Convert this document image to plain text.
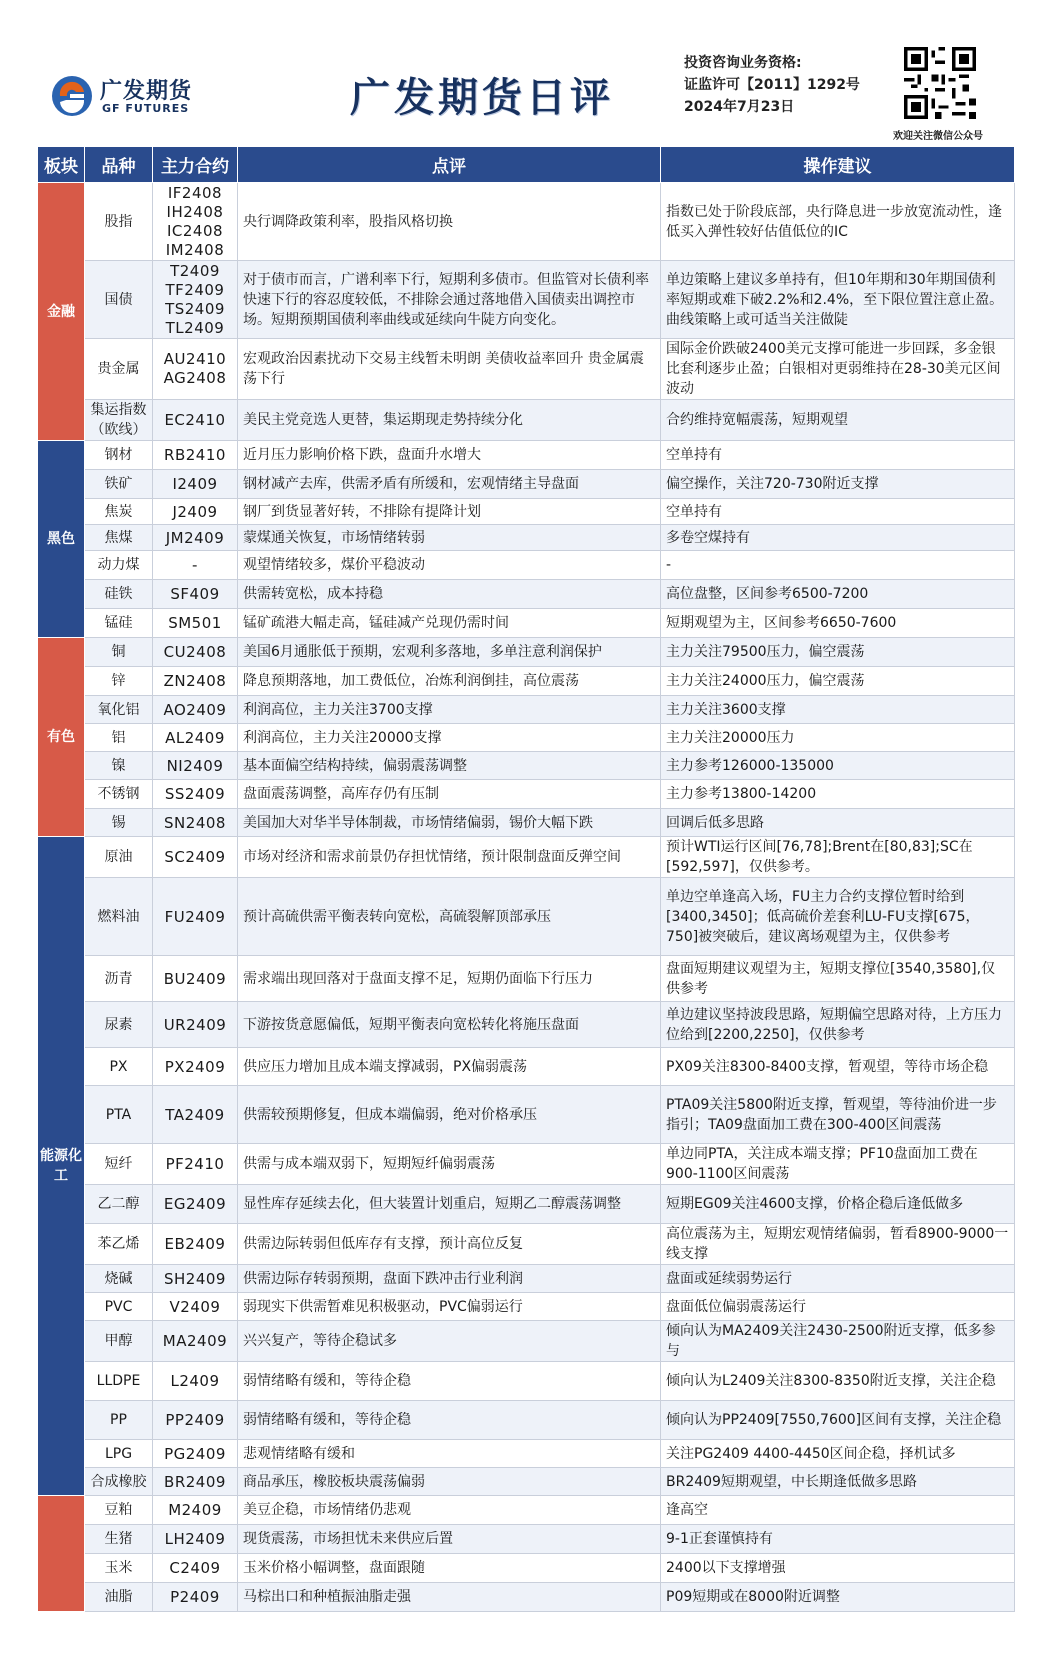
广发期货
GF FUTURES	广发期货日评
投资咨询业务资格:
证监许可【2011】1292号
2024年7月23日
欢迎关注微信公众号
板块	品种	主力合约	点评	操作建议
金融	股指	IF2408
IH2408
IC2408
IM2408	央行调降政策利率，股指风格切换	指数已处于阶段底部，央行降息进一步放宽流动性，逢低买入弹性较好估值低位的IC
	国债	T2409
TF2409
TS2409
TL2409	对于债市而言，广谱利率下行，短期利多债市。但监管对长债利率快速下行的容忍度较低，不排除会通过落地借入国债卖出调控市场。短期预期国债利率曲线或延续向牛陡方向变化。	单边策略上建议多单持有，但10年期和30年期国债利率短期或难下破2.2%和2.4%，至下限位置注意止盈。曲线策略上或可适当关注做陡
	贵金属	AU2410
AG2408	宏观政治因素扰动下交易主线暂未明朗 美债收益率回升 贵金属震荡下行	国际金价跌破2400美元支撑可能进一步回踩，多金银比套利逐步止盈；白银相对更弱维持在28-30美元区间波动
	集运指数
（欧线）	EC2410	美民主党竞选人更替，集运期现走势持续分化	合约维持宽幅震荡，短期观望
黑色	钢材	RB2410	近月压力影响价格下跌，盘面升水增大	空单持有
	铁矿	I2409	钢材减产去库，供需矛盾有所缓和，宏观情绪主导盘面	偏空操作，关注720-730附近支撑
	焦炭	J2409	钢厂到货显著好转，不排除有提降计划	空单持有
	焦煤	JM2409	蒙煤通关恢复，市场情绪转弱	多卷空煤持有
	动力煤	-	观望情绪较多，煤价平稳波动	-
	硅铁	SF409	供需转宽松，成本持稳	高位盘整，区间参考6500-7200
	锰硅	SM501	锰矿疏港大幅走高，锰硅减产兑现仍需时间	短期观望为主，区间参考6650-7600
有色	铜	CU2408	美国6月通胀低于预期，宏观利多落地，多单注意利润保护	主力关注79500压力，偏空震荡
	锌	ZN2408	降息预期落地，加工费低位，冶炼利润倒挂，高位震荡	主力关注24000压力，偏空震荡
	氧化铝	AO2409	利润高位，主力关注3700支撑	主力关注3600支撑
	铝	AL2409	利润高位，主力关注20000支撑	主力关注20000压力
	镍	NI2409	基本面偏空结构持续，偏弱震荡调整	主力参考126000-135000
	不锈钢	SS2409	盘面震荡调整，高库存仍有压制	主力参考13800-14200
	锡	SN2408	美国加大对华半导体制裁，市场情绪偏弱，锡价大幅下跌	回调后低多思路
能源化工	原油	SC2409	市场对经济和需求前景仍存担忧情绪，预计限制盘面反弹空间	预计WTI运行区间[76,78];Brent在[80,83];SC在[592,597]，仅供参考。
	燃料油	FU2409	预计高硫供需平衡表转向宽松，高硫裂解顶部承压	单边空单逢高入场，FU主力合约支撑位暂时给到[3400,3450]；低高硫价差套利LU-FU支撑[675，750]被突破后，建议离场观望为主，仅供参考
	沥青	BU2409	需求端出现回落对于盘面支撑不足，短期仍面临下行压力	盘面短期建议观望为主，短期支撑位[3540,3580],仅供参考
	尿素	UR2409	下游按货意愿偏低，短期平衡表向宽松转化将施压盘面	单边建议坚持波段思路，短期偏空思路对待，上方压力位给到[2200,2250]，仅供参考
	PX	PX2409	供应压力增加且成本端支撑减弱，PX偏弱震荡	PX09关注8300-8400支撑，暂观望，等待市场企稳
	PTA	TA2409	供需较预期修复，但成本端偏弱，绝对价格承压	PTA09关注5800附近支撑，暂观望，等待油价进一步指引；TA09盘面加工费在300-400区间震荡
	短纤	PF2410	供需与成本端双弱下，短期短纤偏弱震荡	单边同PTA，关注成本端支撑；PF10盘面加工费在900-1100区间震荡
	乙二醇	EG2409	显性库存延续去化，但大装置计划重启，短期乙二醇震荡调整	短期EG09关注4600支撑，价格企稳后逢低做多
	苯乙烯	EB2409	供需边际转弱但低库存有支撑，预计高位反复	高位震荡为主，短期宏观情绪偏弱，暂看8900-9000一线支撑
	烧碱	SH2409	供需边际存转弱预期，盘面下跌冲击行业利润	盘面或延续弱势运行
	PVC	V2409	弱现实下供需暂难见积极驱动，PVC偏弱运行	盘面低位偏弱震荡运行
	甲醇	MA2409	兴兴复产，等待企稳试多	倾向认为MA2409关注2430-2500附近支撑，低多参与
	LLDPE	L2409	弱情绪略有缓和，等待企稳	倾向认为L2409关注8300-8350附近支撑，关注企稳
	PP	PP2409	弱情绪略有缓和，等待企稳	倾向认为PP2409[7550,7600]区间有支撑，关注企稳
	LPG	PG2409	悲观情绪略有缓和	关注PG2409 4400-4450区间企稳，择机试多
	合成橡胶	BR2409	商品承压，橡胶板块震荡偏弱	BR2409短期观望，中长期逢低做多思路
	豆粕	M2409	美豆企稳，市场情绪仍悲观	逢高空
	生猪	LH2409	现货震荡，市场担忧未来供应后置	9-1正套谨慎持有
	玉米	C2409	玉米价格小幅调整，盘面跟随	2400以下支撑增强
	油脂	P2409	马棕出口和种植振油脂走强	P09短期或在8000附近调整
